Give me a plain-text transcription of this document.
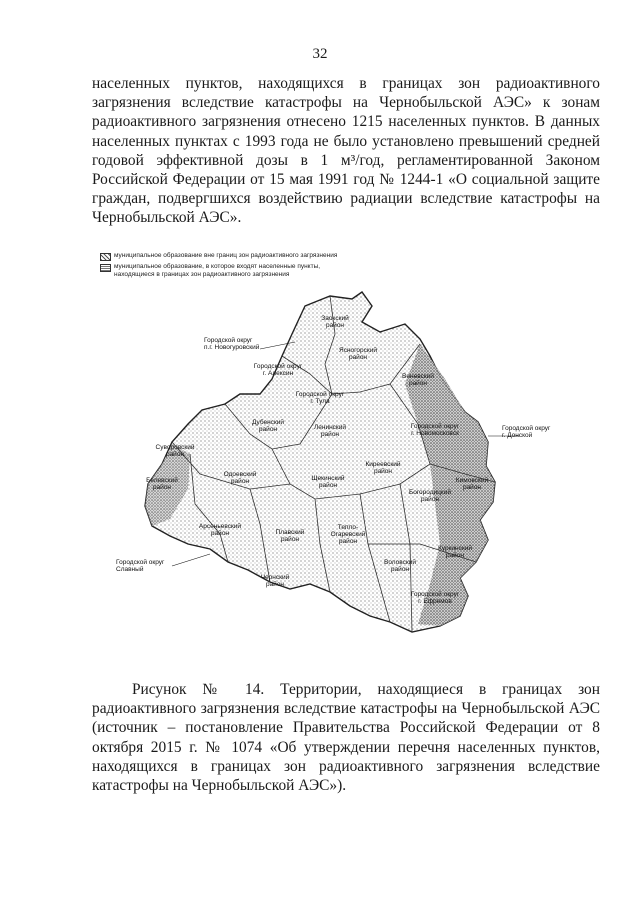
32

населенных пунктов, находящихся в границах зон радиоактивного загрязнения вследствие катастрофы на Чернобыльской АЭС» к зонам радиоактивного загрязнения отнесено 1215 населенных пунктов. В данных населенных пунктах с 1993 года не было установлено превышений средней годовой эффективной дозы в 1 м³/год, регламентированной Законом Российской Федерации от 15 мая 1991 год № 1244-1 «О социальной защите граждан, подвергшихся воздействию радиации вследствие катастрофы на Чернобыльской АЭС».

муниципальное образование вне границ зон радиоактивного загрязнения
муниципальное образование, в которое входят населенные пункты, находящиеся в границах зон радиоактивного загрязнения
Заокский район
Ясногорский район
Городской округ г. Алексин	Веневский район
Городской округ г. Тула
Дубенский район
Суворовский район
Ленинский район
Городской округ г. Новомосковск
Киреевский район
Белевский район
Одоевский район	Щекинский район
Богородицкий район
Кимовский район
Арсеньевский район	Плавский район
Тепло-Огаревский район
Воловский район
Куркинский район
Чернский район
Городской округ г. Ефремов
Городской округ п.г. Новогуровский
Городской округ г. Донской
Городской округ Славный

Рисунок № 14. Территории, находящиеся в границах зон радиоактивного загрязнения вследствие катастрофы на Чернобыльской АЭС (источник – постановление Правительства Российской Федерации от 8 октября 2015 г. № 1074 «Об утверждении перечня населенных пунктов, находящихся в границах зон радиоактивного загрязнения вследствие катастрофы на Чернобыльской АЭС»).
